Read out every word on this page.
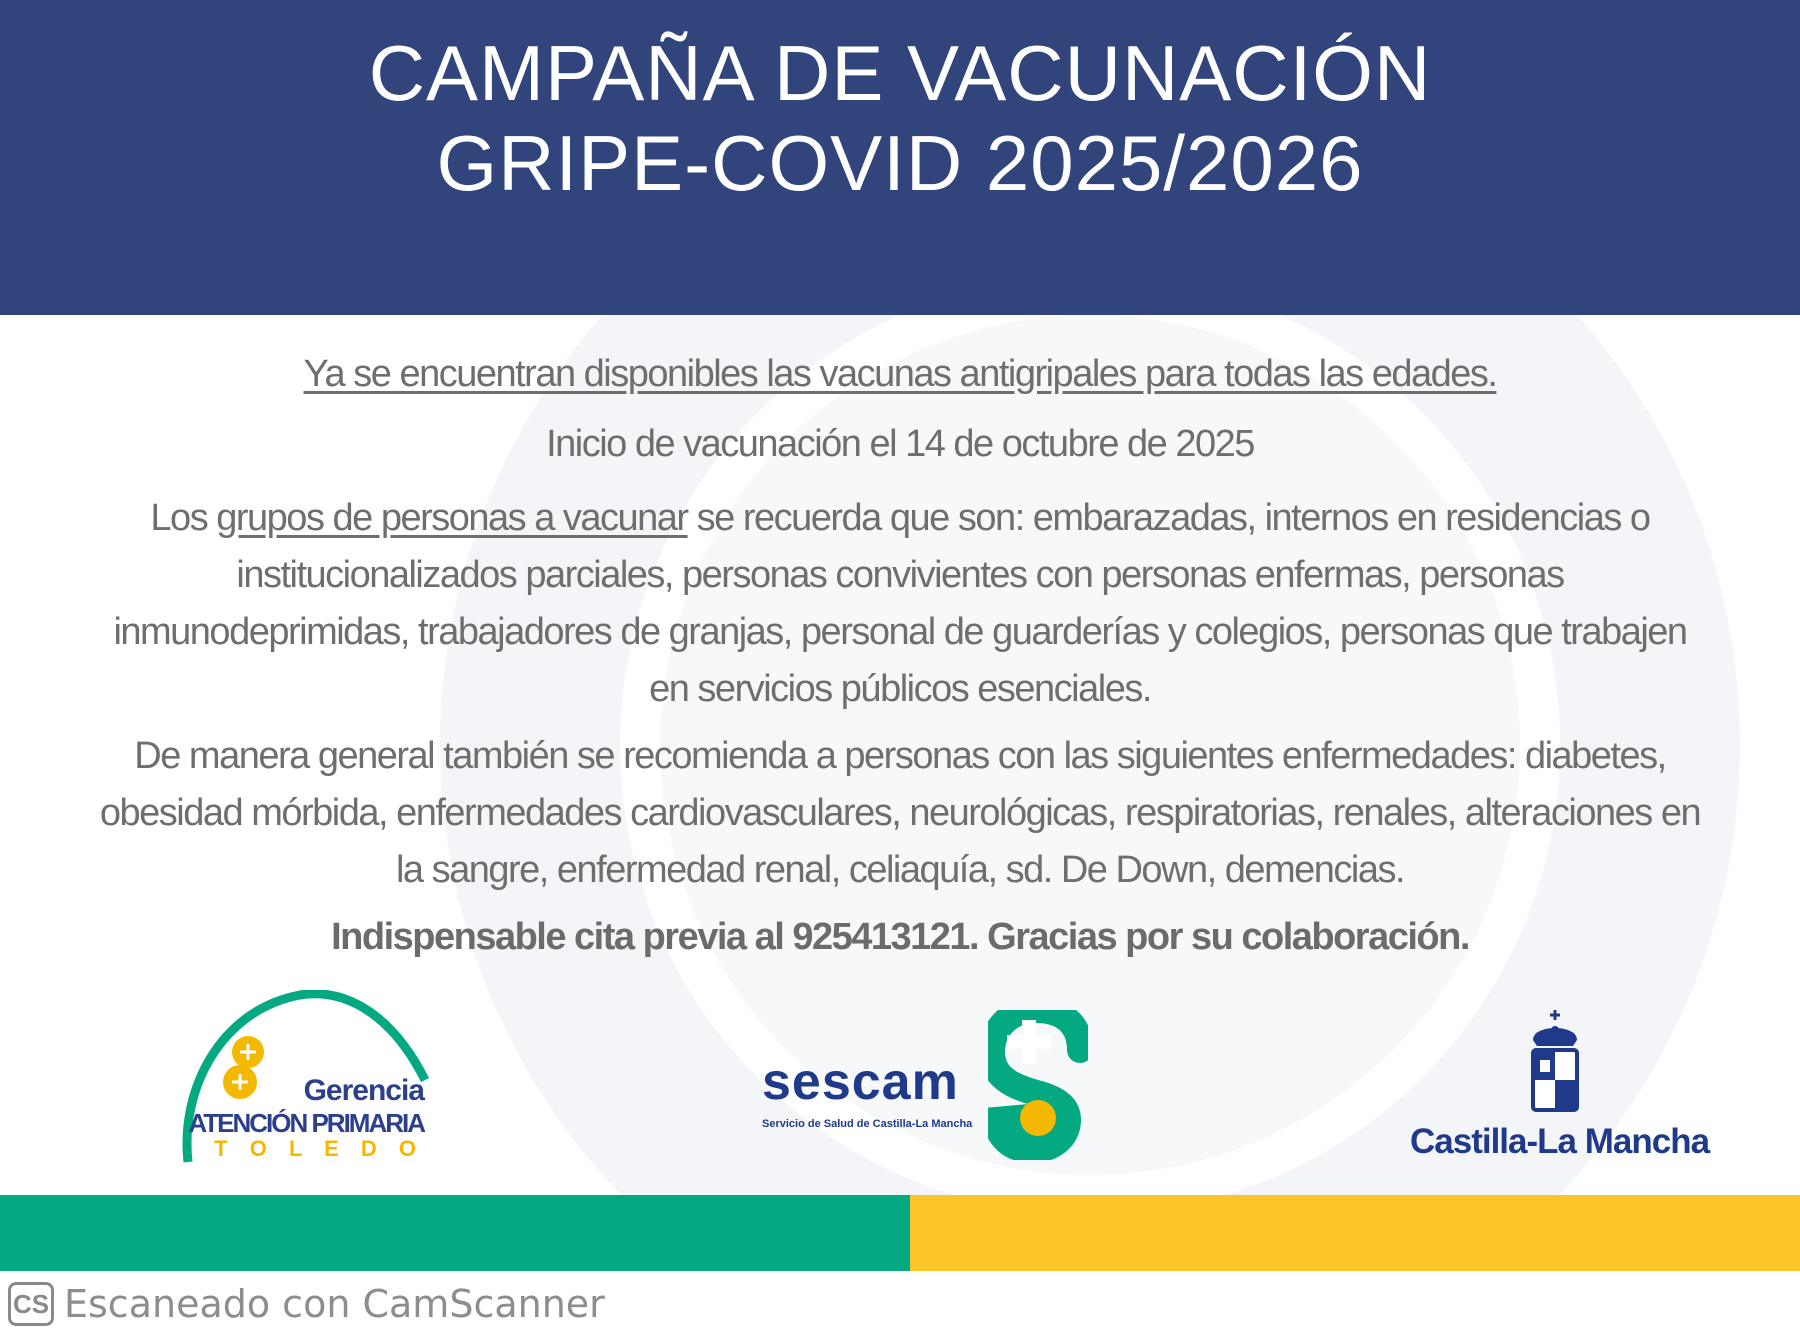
CAMPAÑA DE VACUNACIÓN
GRIPE-COVID 2025/2026
Ya se encuentran disponibles las vacunas antigripales para todas las edades.
Inicio de vacunación el 14 de octubre de 2025
Los grupos de personas a vacunar se recuerda que son: embarazadas, internos en residencias o institucionalizados parciales, personas convivientes con personas enfermas, personas inmunodeprimidas, trabajadores de granjas, personal de guarderías y colegios, personas que trabajen en servicios públicos esenciales.
De manera general también se recomienda a personas con las siguientes enfermedades: diabetes, obesidad mórbida, enfermedades cardiovasculares, neurológicas, respiratorias, renales, alteraciones en la sangre, enfermedad renal, celiaquía, sd. De Down, demencias.
Indispensable cita previa al 925413121. Gracias por su colaboración.
Gerencia
ATENCIÓN PRIMARIA
T O L E D O
sescam
Servicio de Salud de Castilla-La Mancha	Castilla-La Mancha
CS Escaneado con CamScanner
